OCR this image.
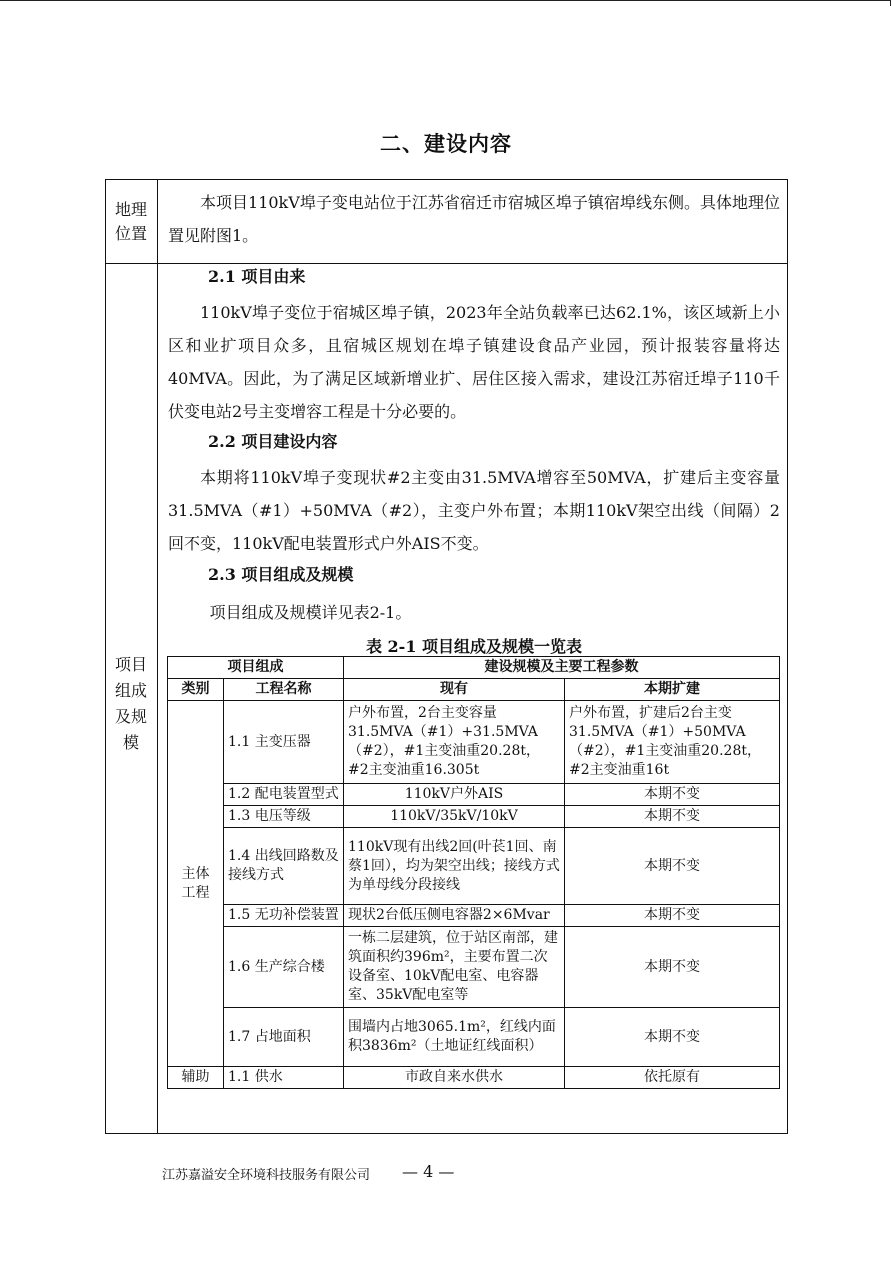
二、建设内容
地理
位置

本项目110kV埠子变电站位于江苏省宿迁市宿城区埠子镇宿埠线东侧。具体地理位置见附图1。

项目
组成
及规
模
2.1 项目由来

110kV埠子变位于宿城区埠子镇，2023年全站负载率已达62.1%，该区域新上小区和业扩项目众多，且宿城区规划在埠子镇建设食品产业园，预计报装容量将达40MVA。因此，为了满足区域新增业扩、居住区接入需求，建设江苏宿迁埠子110千伏变电站2号主变增容工程是十分必要的。

2.2 项目建设内容

本期将110kV埠子变现状#2主变由31.5MVA增容至50MVA，扩建后主变容量31.5MVA（#1）+50MVA（#2），主变户外布置；本期110kV架空出线（间隔）2回不变，110kV配电装置形式户外AIS不变。

2.3 项目组成及规模

项目组成及规模详见表2-1。

表 2-1 项目组成及规模一览表
项目组成		建设规模及主要工程参数	
类别	工程名称	现有	本期扩建
主体
工程	1.1 主变压器	户外布置，2台主变容量31.5MVA（#1）+31.5MVA（#2），#1主变油重20.28t，#2主变油重16.305t	户外布置，扩建后2台主变31.5MVA（#1）+50MVA（#2），#1主变油重20.28t，#2主变油重16t
	1.2 配电装置型式	110kV户外AIS	本期不变
	1.3 电压等级	110kV/35kV/10kV	本期不变
	1.4 出线回路数及接线方式	110kV现有出线2回(叶苌1回、南蔡1回），均为架空出线；接线方式为单母线分段接线	本期不变
	1.5 无功补偿装置	现状2台低压侧电容器2×6Mvar	本期不变
	1.6 生产综合楼	一栋二层建筑，位于站区南部，建筑面积约396m²，主要布置二次设备室、10kV配电室、电容器室、35kV配电室等	本期不变
	1.7 占地面积	围墙内占地3065.1m²，红线内面积3836m²（土地证红线面积）	本期不变
辅助	1.1 供水	市政自来水供水	依托原有
江苏嘉溢安全环境科技服务有限公司 — 4 —
